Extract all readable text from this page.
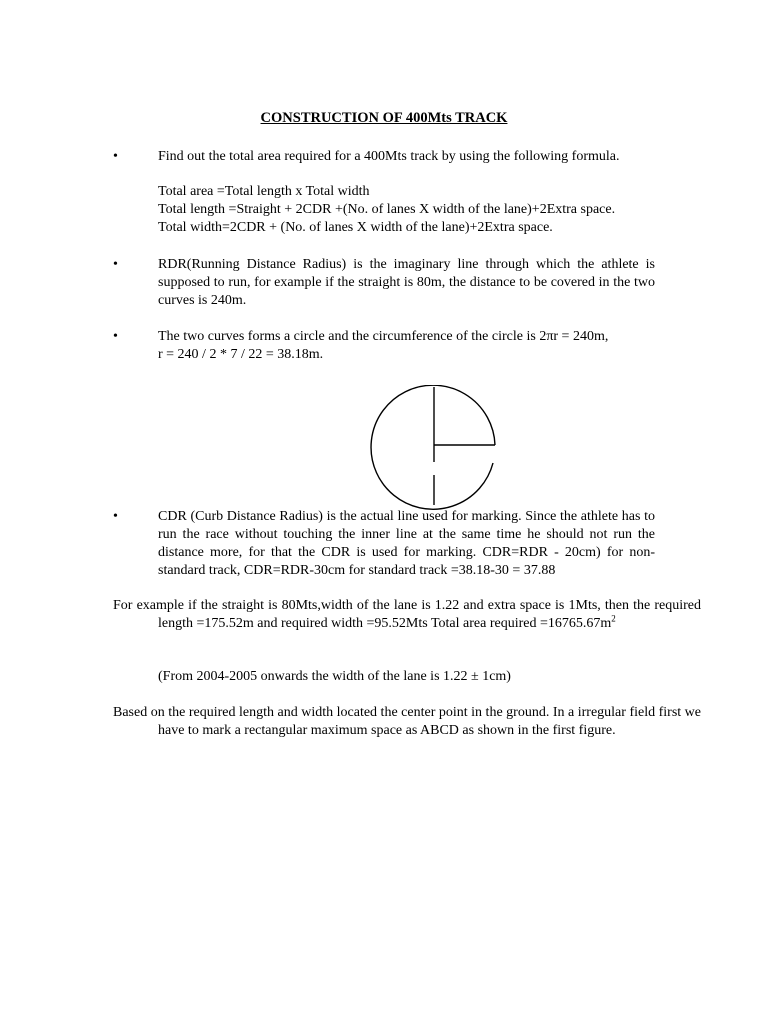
CONSTRUCTION OF 400Mts TRACK
•	Find out the total area required for a 400Mts track by using the following formula.
Total area =Total length x Total width
Total length =Straight + 2CDR +(No. of lanes X width of the lane)+2Extra space.
Total width=2CDR + (No. of lanes X width of the lane)+2Extra space.
•	RDR(Running Distance Radius) is the imaginary line through which the athlete is supposed to run, for example if the straight is 80m, the distance to be covered in the two curves is 240m.
•	The two curves forms a circle and the circumference of the circle is 2πr = 240m,
r = 240 / 2 * 7 / 22 = 38.18m.
•	CDR (Curb Distance Radius) is the actual line used for marking. Since the athlete has to run the race without touching the inner line at the same time he should not run the distance more, for that the CDR is used for marking. CDR=RDR - 20cm) for non- standard track, CDR=RDR-30cm for standard track =38.18-30 = 37.88
For example if the straight is 80Mts,width of the lane is 1.22 and extra space is 1Mts, then the required length =175.52m and required width =95.52Mts Total area required $=16765.67m^2$
(From 2004-2005 onwards the width of the lane is 1.22 ± 1cm)
Based on the required length and width located the center point in the ground. In a irregular field first we have to mark a rectangular maximum space as ABCD as shown in the first figure.
